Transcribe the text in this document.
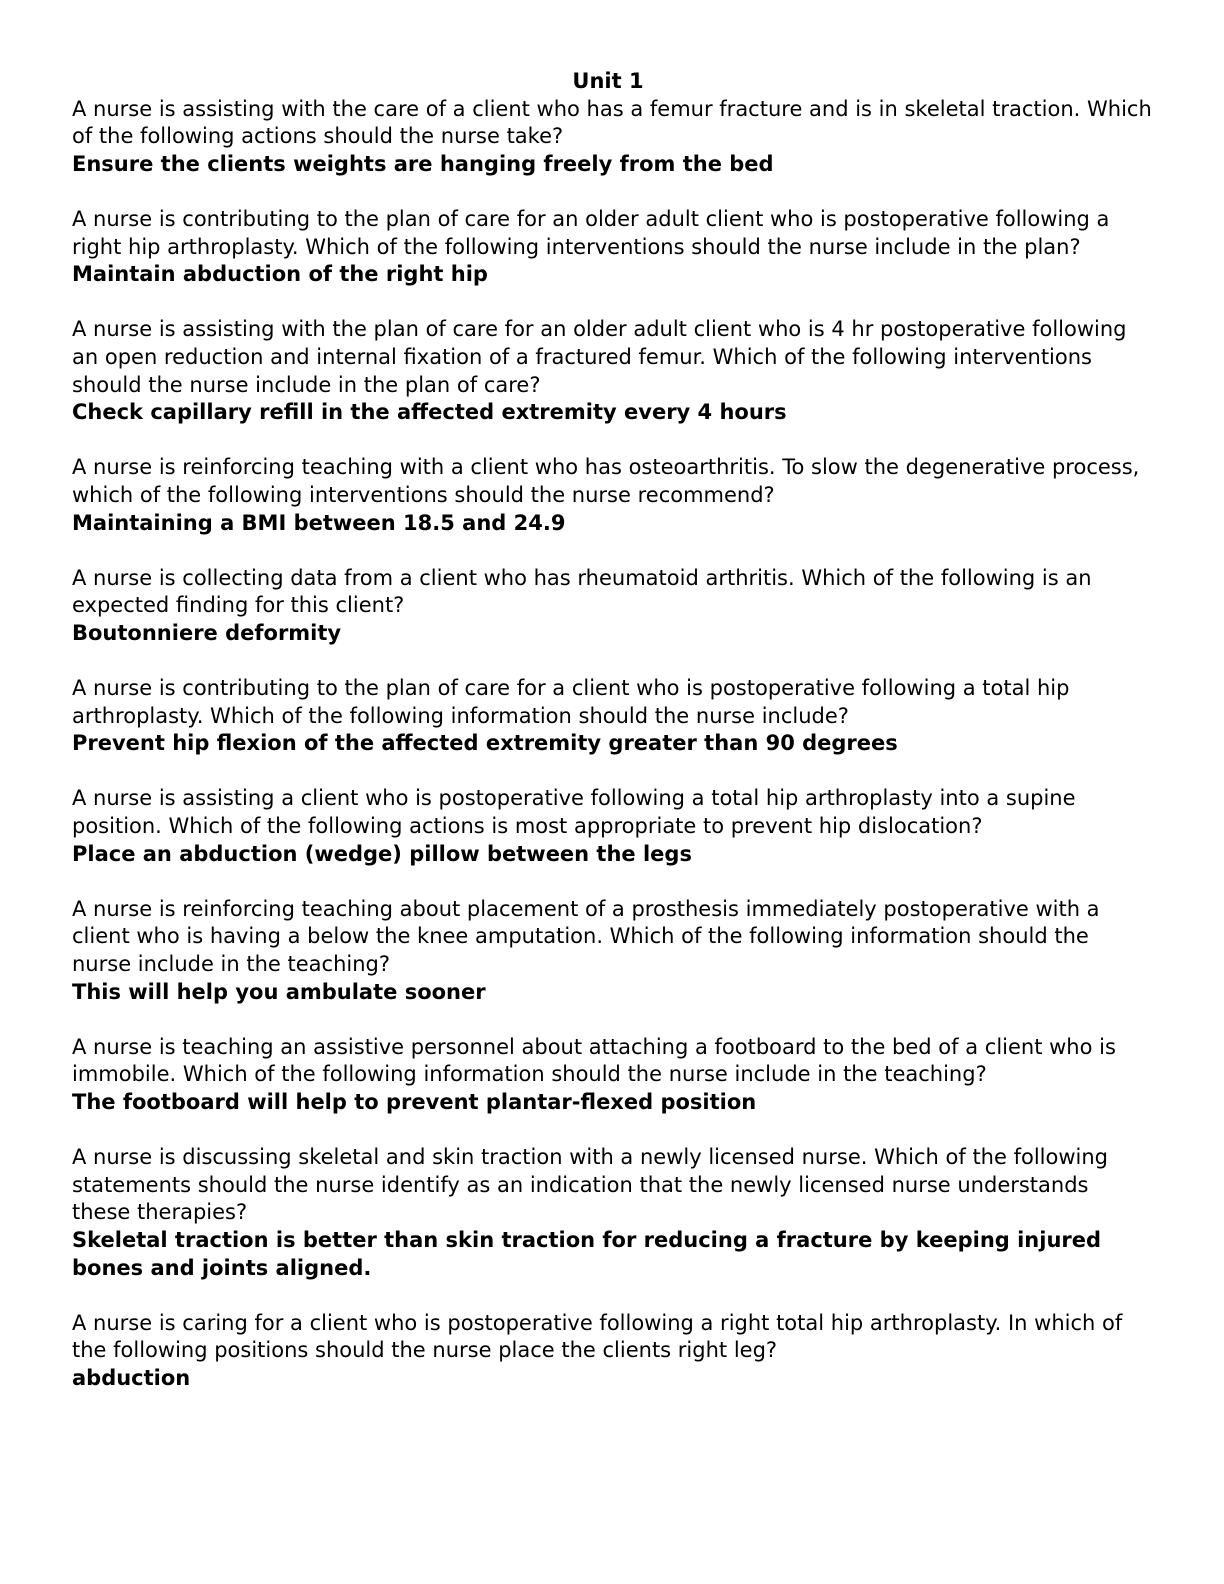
Unit 1

A nurse is assisting with the care of a client who has a femur fracture and is in skeletal traction. Which of the following actions should the nurse take?

Ensure the clients weights are hanging freely from the bed

A nurse is contributing to the plan of care for an older adult client who is postoperative following a right hip arthroplasty. Which of the following interventions should the nurse include in the plan?

Maintain abduction of the right hip

A nurse is assisting with the plan of care for an older adult client who is 4 hr postoperative following an open reduction and internal fixation of a fractured femur. Which of the following interventions should the nurse include in the plan of care?

Check capillary refill in the affected extremity every 4 hours

A nurse is reinforcing teaching with a client who has osteoarthritis. To slow the degenerative process, which of the following interventions should the nurse recommend?

Maintaining a BMI between 18.5 and 24.9

A nurse is collecting data from a client who has rheumatoid arthritis. Which of the following is an expected finding for this client?

Boutonniere deformity

A nurse is contributing to the plan of care for a client who is postoperative following a total hip arthroplasty. Which of the following information should the nurse include?

Prevent hip flexion of the affected extremity greater than 90 degrees

A nurse is assisting a client who is postoperative following a total hip arthroplasty into a supine position. Which of the following actions is most appropriate to prevent hip dislocation?

Place an abduction (wedge) pillow between the legs

A nurse is reinforcing teaching about placement of a prosthesis immediately postoperative with a client who is having a below the knee amputation. Which of the following information should the nurse include in the teaching?

This will help you ambulate sooner

A nurse is teaching an assistive personnel about attaching a footboard to the bed of a client who is immobile. Which of the following information should the nurse include in the teaching?

The footboard will help to prevent plantar-flexed position

A nurse is discussing skeletal and skin traction with a newly licensed nurse. Which of the following statements should the nurse identify as an indication that the newly licensed nurse understands these therapies?

Skeletal traction is better than skin traction for reducing a fracture by keeping injured bones and joints aligned.

A nurse is caring for a client who is postoperative following a right total hip arthroplasty. In which of the following positions should the nurse place the clients right leg?

abduction
